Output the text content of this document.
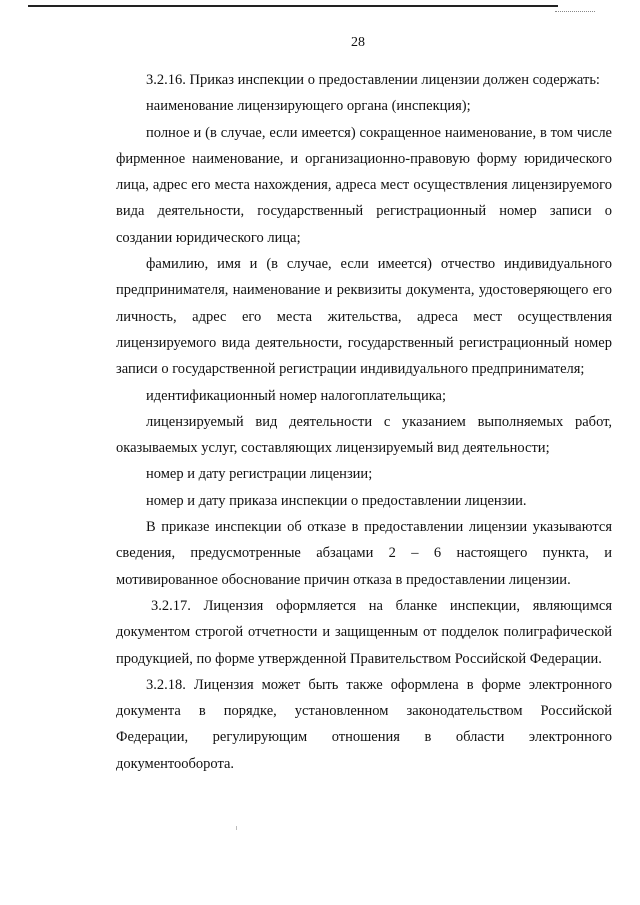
28

3.2.16. Приказ инспекции о предоставлении лицензии должен содержать:

наименование лицензирующего органа (инспекция);

полное и (в случае, если имеется) сокращенное наименование, в том числе фирменное наименование, и организационно-правовую форму юридического лица, адрес его места нахождения, адреса мест осуществления лицензируемого вида деятельности, государственный регистрационный номер записи о создании юридического лица;

фамилию, имя и (в случае, если имеется) отчество индивидуального предпринимателя, наименование и реквизиты документа, удостоверяющего его личность, адрес его места жительства, адреса мест осуществления лицензируемого вида деятельности, государственный регистрационный номер записи о государственной регистрации индивидуального предпринимателя;

идентификационный номер налогоплательщика;

лицензируемый вид деятельности с указанием выполняемых работ, оказываемых услуг, составляющих лицензируемый вид деятельности;

номер и дату регистрации лицензии;

номер и дату приказа инспекции о предоставлении лицензии.

В приказе инспекции об отказе в предоставлении лицензии указываются сведения, предусмотренные абзацами 2 – 6 настоящего пункта, и мотивированное обоснование причин отказа в предоставлении лицензии.

3.2.17. Лицензия оформляется на бланке инспекции, являющимся документом строгой отчетности и защищенным от подделок полиграфической продукцией, по форме утвержденной Правительством Российской Федерации.

3.2.18. Лицензия может быть также оформлена в форме электронного документа в порядке, установленном законодательством Российской Федерации, регулирующим отношения в области электронного документооборота.
